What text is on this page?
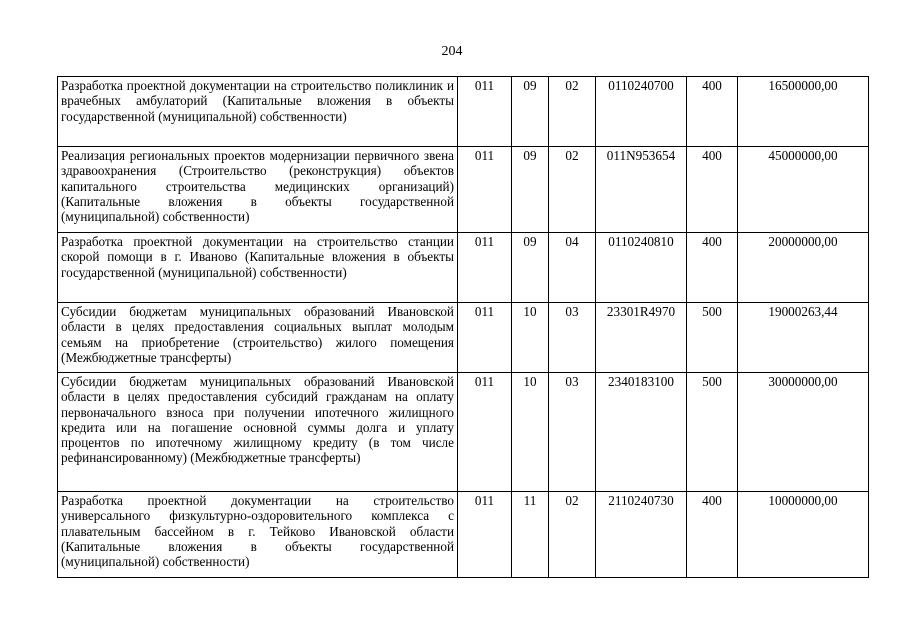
204
Разработка проектной документации на строительство поликлиник и врачебных амбулаторий (Капитальные вложения в объекты государственной (муниципальной) собственности)	011	09	02	0110240700	400	16500000,00
Реализация региональных проектов модернизации первичного звена здравоохранения (Строительство (реконструкция) объектов капитального строительства медицинских организаций) (Капитальные вложения в объекты государственной (муниципальной) собственности)	011	09	02	011N953654	400	45000000,00
Разработка проектной документации на строительство станции скорой помощи в г. Иваново (Капитальные вложения в объекты государственной (муниципальной) собственности)	011	09	04	0110240810	400	20000000,00
Субсидии бюджетам муниципальных образований Ивановской области в целях предоставления социальных выплат молодым семьям на приобретение (строительство) жилого помещения (Межбюджетные трансферты)	011	10	03	23301R4970	500	19000263,44
Субсидии бюджетам муниципальных образований Ивановской области в целях предоставления субсидий гражданам на оплату первоначального взноса при получении ипотечного жилищного кредита или на погашение основной суммы долга и уплату процентов по ипотечному жилищному кредиту (в том числе рефинансированному) (Межбюджетные трансферты)	011	10	03	2340183100	500	30000000,00
Разработка проектной документации на строительство универсального физкультурно-оздоровительного комплекса с плавательным бассейном в г. Тейково Ивановской области (Капитальные вложения в объекты государственной (муниципальной) собственности)	011	11	02	2110240730	400	10000000,00
